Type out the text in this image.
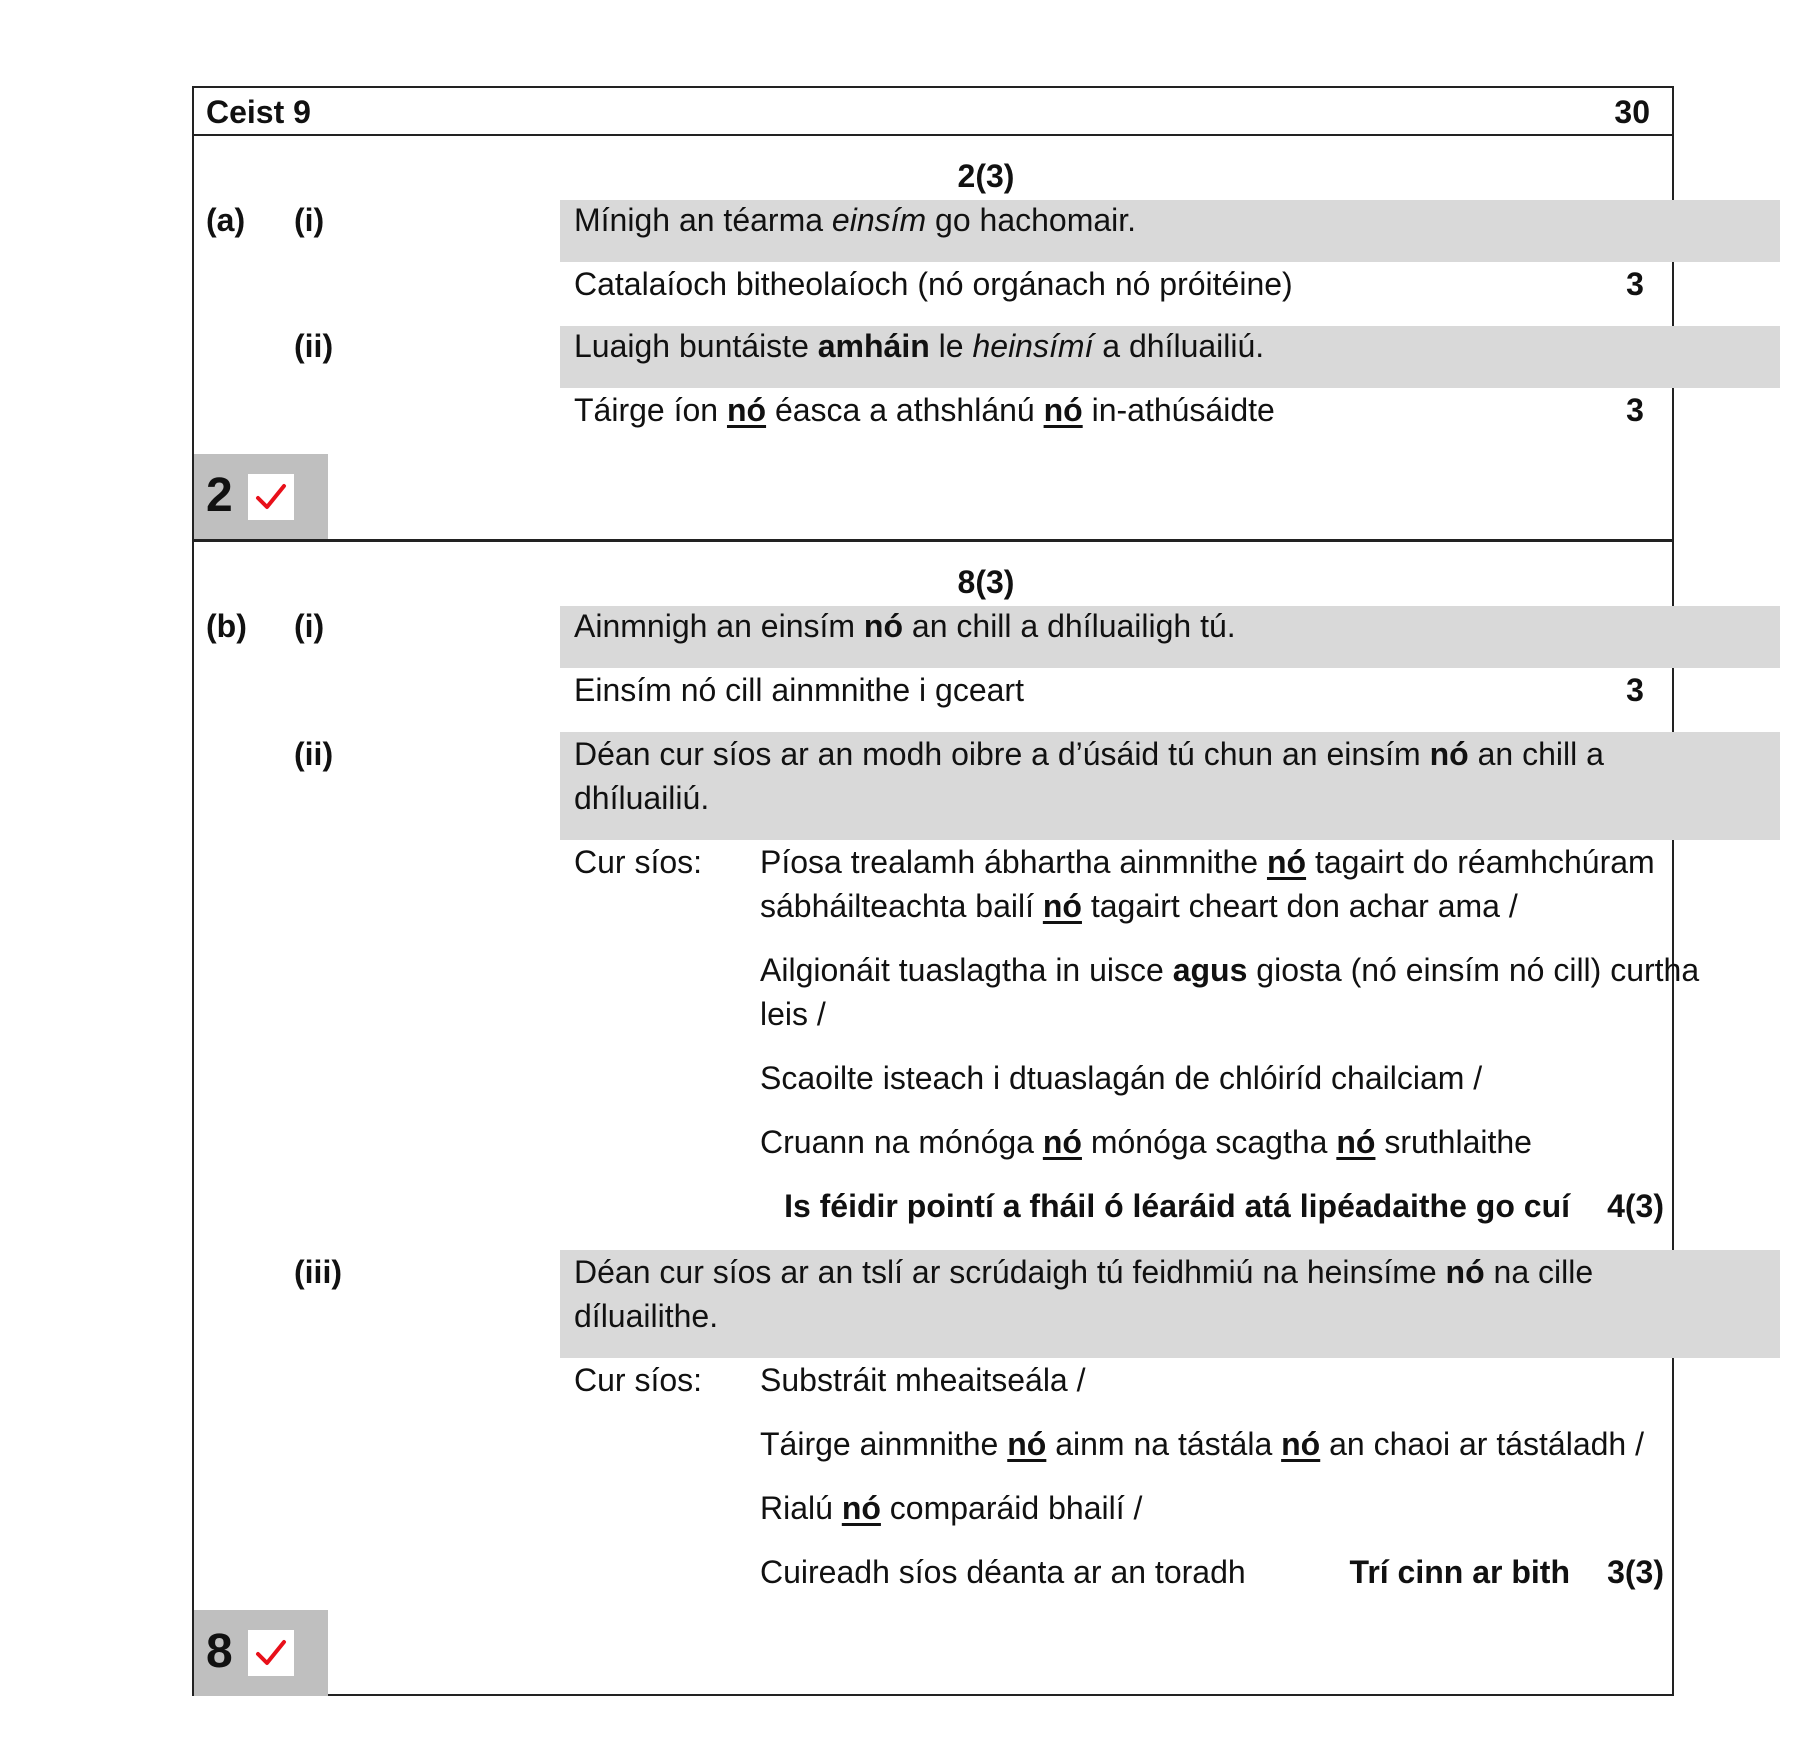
Ceist 9	30
2(3)
(a) (i)	Mínigh an téarma einsím go hachomair.
Catalaíoch bitheolaíoch (nó orgánach nó próitéine)	3
(ii)	Luaigh buntáiste amháin le heinsímí a dhíluailiú.
Táirge íon nó éasca a athshlánú nó in-athúsáidte	3
2
8(3)
(b) (i)	Ainmnigh an einsím nó an chill a dhíluailigh tú.
Einsím nó cill ainmnithe i gceart	3
(ii)	Déan cur síos ar an modh oibre a d’úsáid tú chun an einsím nó an chill a
dhíluailiú.
Cur síos: Píosa trealamh ábhartha ainmnithe nó tagairt do réamhchúram
sábháilteachta bailí nó tagairt cheart don achar ama /
Ailgionáit tuaslagtha in uisce agus giosta (nó einsím nó cill) curtha
leis /
Scaoilte isteach i dtuaslagán de chlóiríd chailciam /
Cruann na mónóga nó mónóga scagtha nó sruthlaithe
Is féidir pointí a fháil ó léaráid atá lipéadaithe go cuí 4(3)
(iii)	Déan cur síos ar an tslí ar scrúdaigh tú feidhmiú na heinsíme nó na cille
díluailithe.
Cur síos: Substráit mheaitseála /
Táirge ainmnithe nó ainm na tástála nó an chaoi ar tástáladh /
Rialú nó comparáid bhailí /
Cuireadh síos déanta ar an toradh	Trí cinn ar bith 3(3)
8
